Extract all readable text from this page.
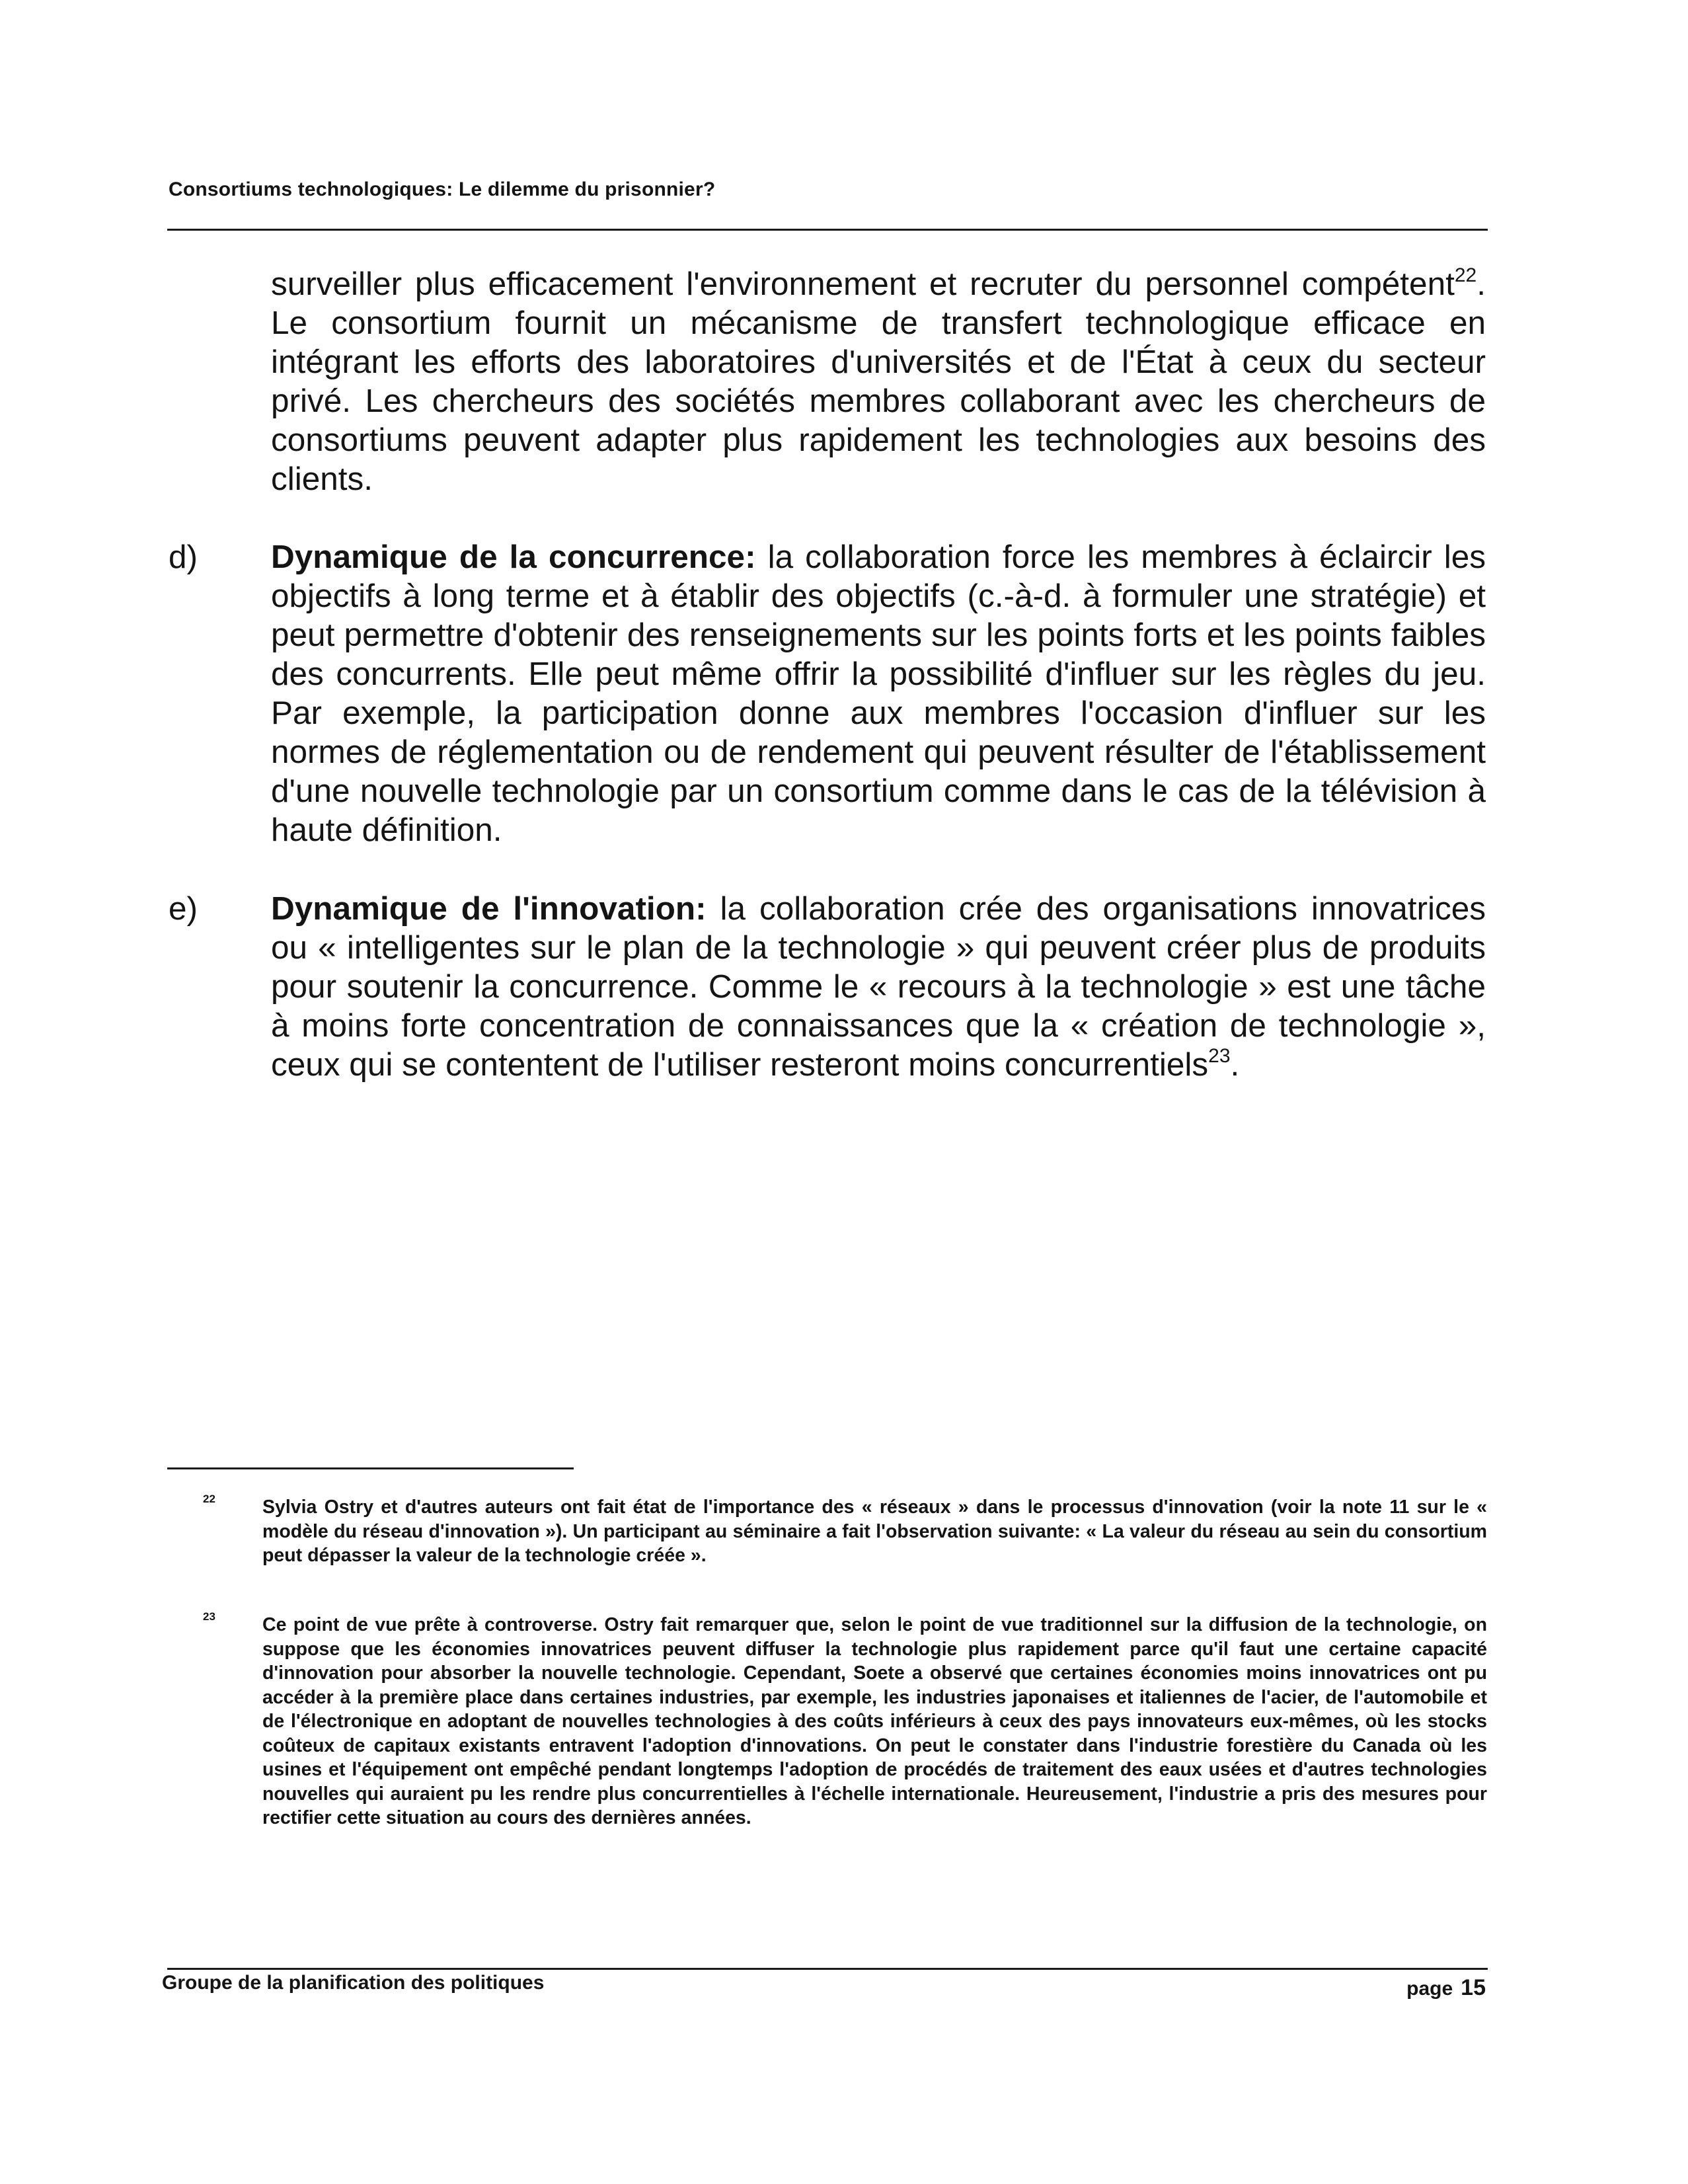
Consortiums technologiques: Le dilemme du prisonnier?

surveiller plus efficacement l'environnement et recruter du personnel compétent$^{22}$. Le consortium fournit un mécanisme de transfert technologique efficace en intégrant les efforts des laboratoires d'universités et de l'État à ceux du secteur privé. Les chercheurs des sociétés membres collaborant avec les chercheurs de consortiums peuvent adapter plus rapidement les technologies aux besoins des clients.

d) Dynamique de la concurrence: la collaboration force les membres à éclaircir les objectifs à long terme et à établir des objectifs (c.-à-d. à formuler une stratégie) et peut permettre d'obtenir des renseignements sur les points forts et les points faibles des concurrents. Elle peut même offrir la possibilité d'influer sur les règles du jeu. Par exemple, la participation donne aux membres l'occasion d'influer sur les normes de réglementation ou de rendement qui peuvent résulter de l'établissement d'une nouvelle technologie par un consortium comme dans le cas de la télévision à haute définition.

e) Dynamique de l'innovation: la collaboration crée des organisations innovatrices ou « intelligentes sur le plan de la technologie » qui peuvent créer plus de produits pour soutenir la concurrence. Comme le « recours à la technologie » est une tâche à moins forte concentration de connaissances que la « création de technologie », ceux qui se contentent de l'utiliser resteront moins concurrentiels$^{23}$.

22 Sylvia Ostry et d'autres auteurs ont fait état de l'importance des « réseaux » dans le processus d'innovation (voir la note 11 sur le « modèle du réseau d'innovation »). Un participant au séminaire a fait l'observation suivante: « La valeur du réseau au sein du consortium peut dépasser la valeur de la technologie créée ».

23 Ce point de vue prête à controverse. Ostry fait remarquer que, selon le point de vue traditionnel sur la diffusion de la technologie, on suppose que les économies innovatrices peuvent diffuser la technologie plus rapidement parce qu'il faut une certaine capacité d'innovation pour absorber la nouvelle technologie. Cependant, Soete a observé que certaines économies moins innovatrices ont pu accéder à la première place dans certaines industries, par exemple, les industries japonaises et italiennes de l'acier, de l'automobile et de l'électronique en adoptant de nouvelles technologies à des coûts inférieurs à ceux des pays innovateurs eux-mêmes, où les stocks coûteux de capitaux existants entravent l'adoption d'innovations. On peut le constater dans l'industrie forestière du Canada où les usines et l'équipement ont empêché pendant longtemps l'adoption de procédés de traitement des eaux usées et d'autres technologies nouvelles qui auraient pu les rendre plus concurrentielles à l'échelle internationale. Heureusement, l'industrie a pris des mesures pour rectifier cette situation au cours des dernières années.

Groupe de la planification des politiques	page 15
